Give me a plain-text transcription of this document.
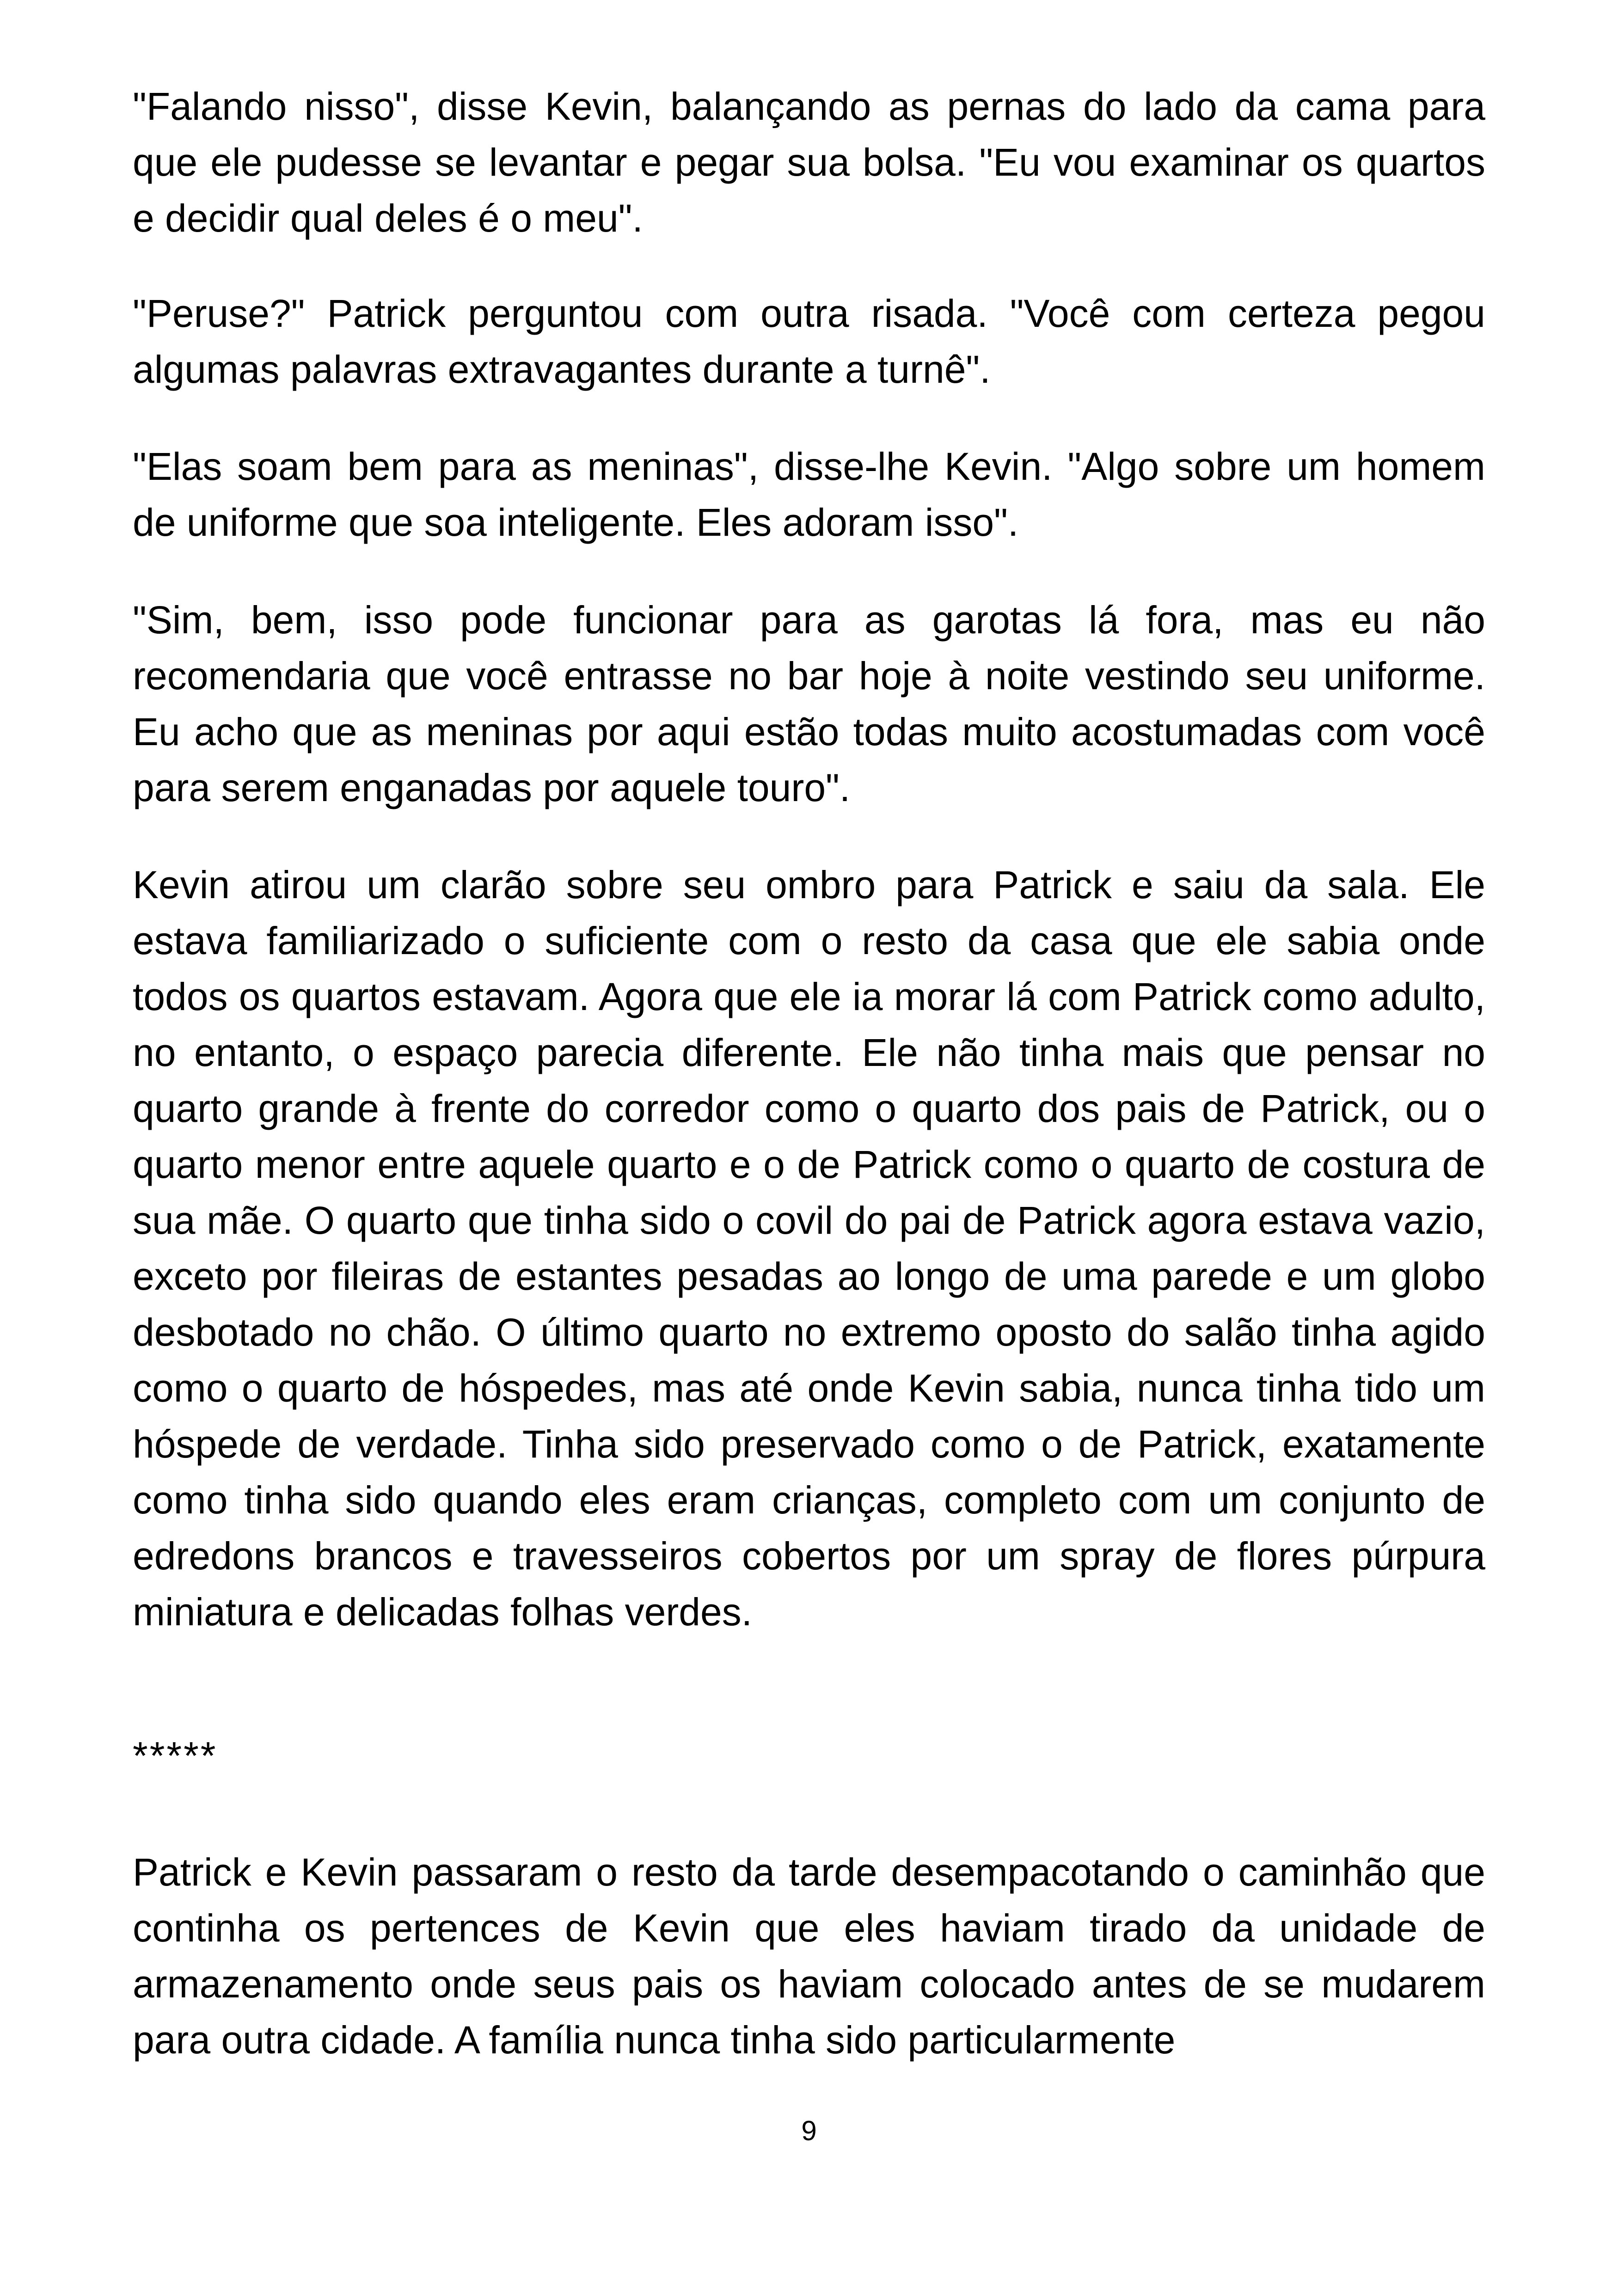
"Falando nisso", disse Kevin, balançando as pernas do lado da cama para que ele pudesse se levantar e pegar sua bolsa. "Eu vou examinar os quartos e decidir qual deles é o meu".

"Peruse?" Patrick perguntou com outra risada. "Você com certeza pegou algumas palavras extravagantes durante a turnê".

"Elas soam bem para as meninas", disse-lhe Kevin. "Algo sobre um homem de uniforme que soa inteligente. Eles adoram isso".

"Sim, bem, isso pode funcionar para as garotas lá fora, mas eu não recomendaria que você entrasse no bar hoje à noite vestindo seu uniforme. Eu acho que as meninas por aqui estão todas muito acostumadas com você para serem enganadas por aquele touro".

Kevin atirou um clarão sobre seu ombro para Patrick e saiu da sala. Ele estava familiarizado o suficiente com o resto da casa que ele sabia onde todos os quartos estavam. Agora que ele ia morar lá com Patrick como adulto, no entanto, o espaço parecia diferente. Ele não tinha mais que pensar no quarto grande à frente do corredor como o quarto dos pais de Patrick, ou o quarto menor entre aquele quarto e o de Patrick como o quarto de costura de sua mãe. O quarto que tinha sido o covil do pai de Patrick agora estava vazio, exceto por fileiras de estantes pesadas ao longo de uma parede e um globo desbotado no chão. O último quarto no extremo oposto do salão tinha agido como o quarto de hóspedes, mas até onde Kevin sabia, nunca tinha tido um hóspede de verdade. Tinha sido preservado como o de Patrick, exatamente como tinha sido quando eles eram crianças, completo com um conjunto de edredons brancos e travesseiros cobertos por um spray de flores púrpura miniatura e delicadas folhas verdes.

*****

Patrick e Kevin passaram o resto da tarde desempacotando o caminhão que continha os pertences de Kevin que eles haviam tirado da unidade de armazenamento onde seus pais os haviam colocado antes de se mudarem para outra cidade. A família nunca tinha sido particularmente

9
